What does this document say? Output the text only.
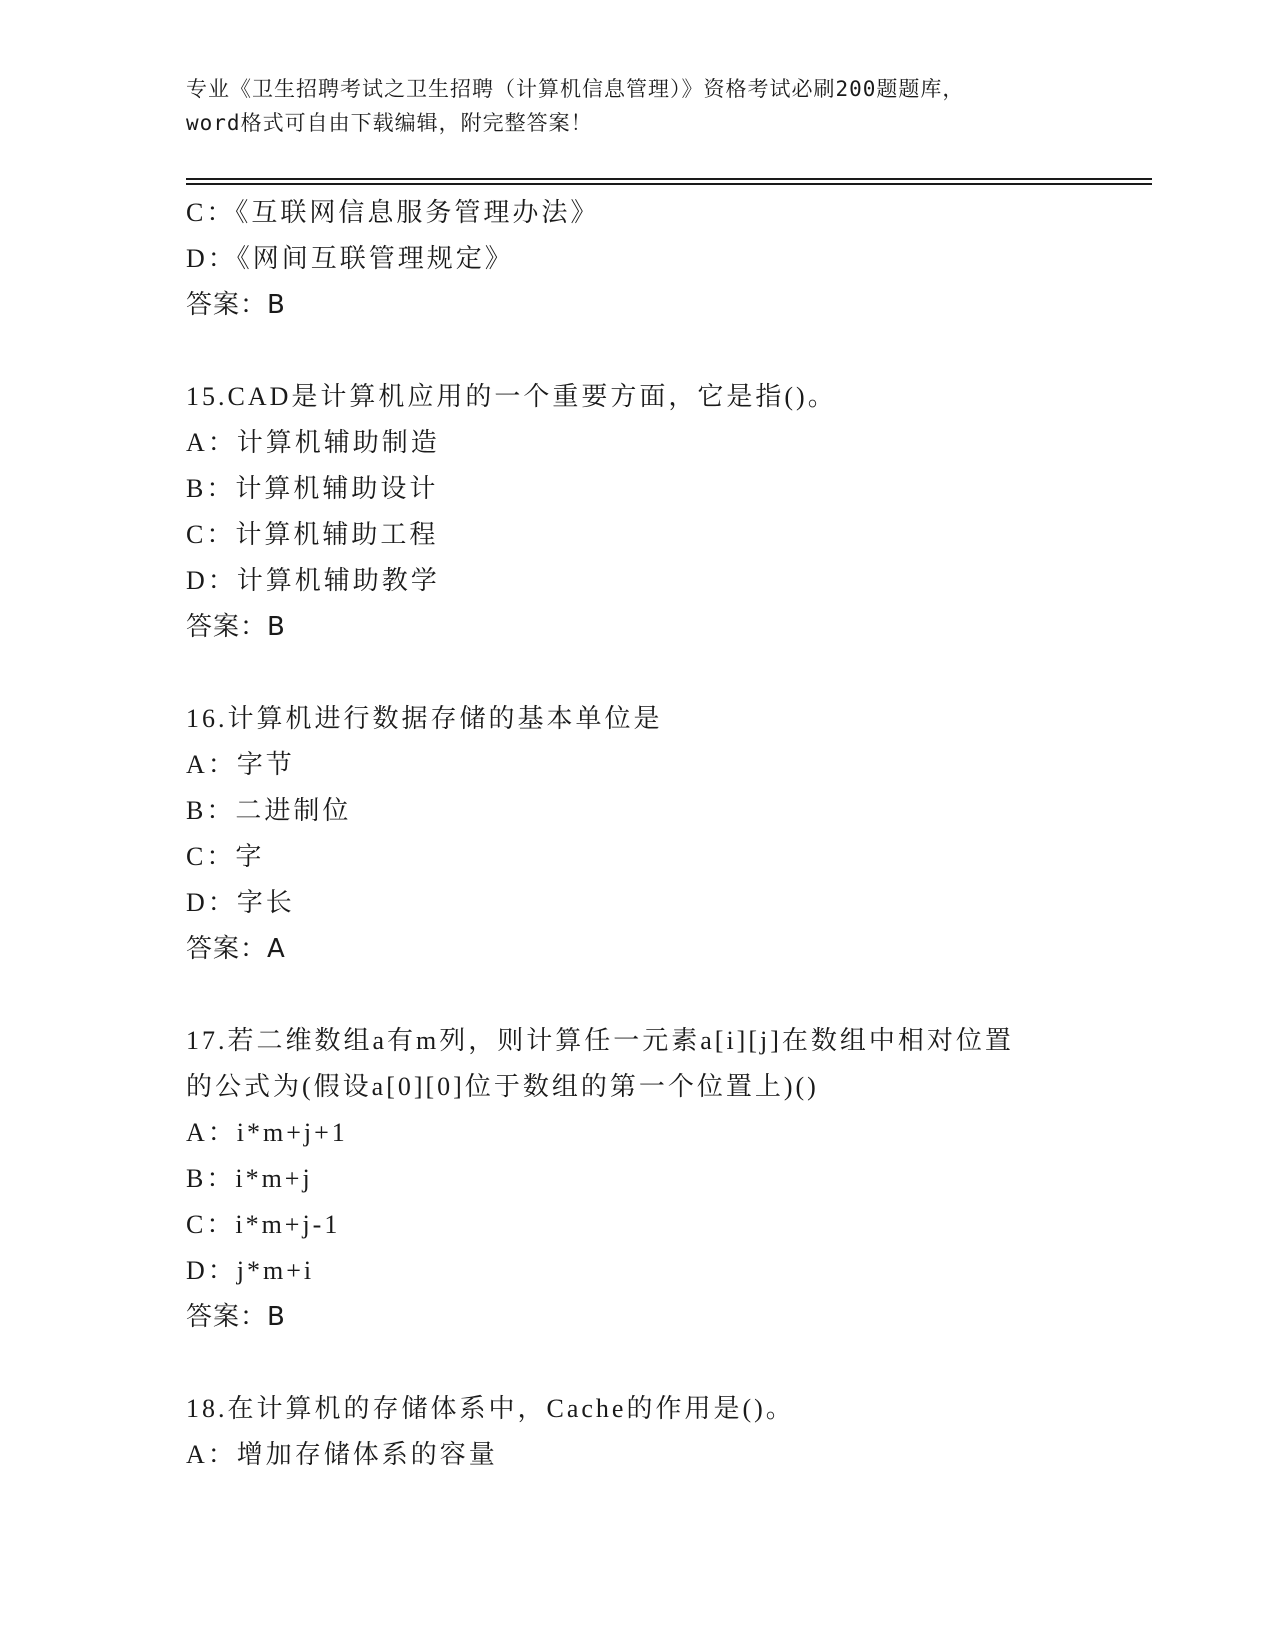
专业《卫生招聘考试之卫生招聘（计算机信息管理）》资格考试必刷200题题库，

word格式可自由下载编辑，附完整答案！

C：《互联网信息服务管理办法》
D：《网间互联管理规定》
答案：B
15.CAD是计算机应用的一个重要方面，它是指()。
A：计算机辅助制造
B：计算机辅助设计
C：计算机辅助工程
D：计算机辅助教学
答案：B
16.计算机进行数据存储的基本单位是
A：字节
B：二进制位
C：字
D：字长
答案：A
17.若二维数组a有m列，则计算任一元素a[i][j]在数组中相对位置
的公式为(假设a[0][0]位于数组的第一个位置上)()
A：i*m+j+1
B：i*m+j
C：i*m+j-1
D：j*m+i
答案：B
18.在计算机的存储体系中，Cache的作用是()。
A：增加存储体系的容量
